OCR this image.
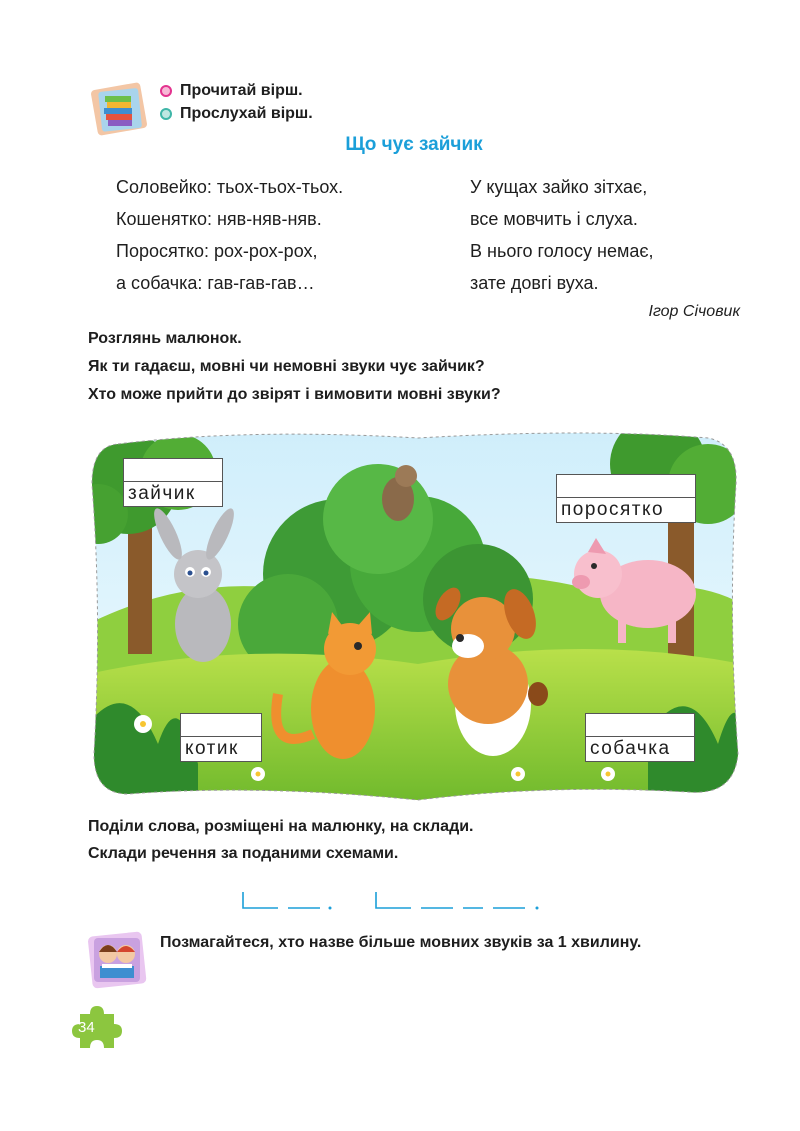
Прочитай вірш.
Прослухай вірш.
Що чує зайчик
Соловейко: тьох-тьох-тьох.
Кошенятко: няв-няв-няв.
Поросятко: рох-рох-рох,
а собачка: гав-гав-гав…
У кущах зайко зітхає,
все мовчить і слуха.
В нього голосу немає,
зате довгі вуха.
Ігор Січовик
Розглянь малюнок.
Як ти гадаєш, мовні чи немовні звуки чує зайчик?
Хто може прийти до звірят і вимовити мовні звуки?
зайчик
поросятко
котик	собачка
Поділи слова, розміщені на малюнку, на склади.
Склади речення за поданими схемами.
Позмагайтеся, хто назве більше мовних звуків за 1 хвилину.
34
